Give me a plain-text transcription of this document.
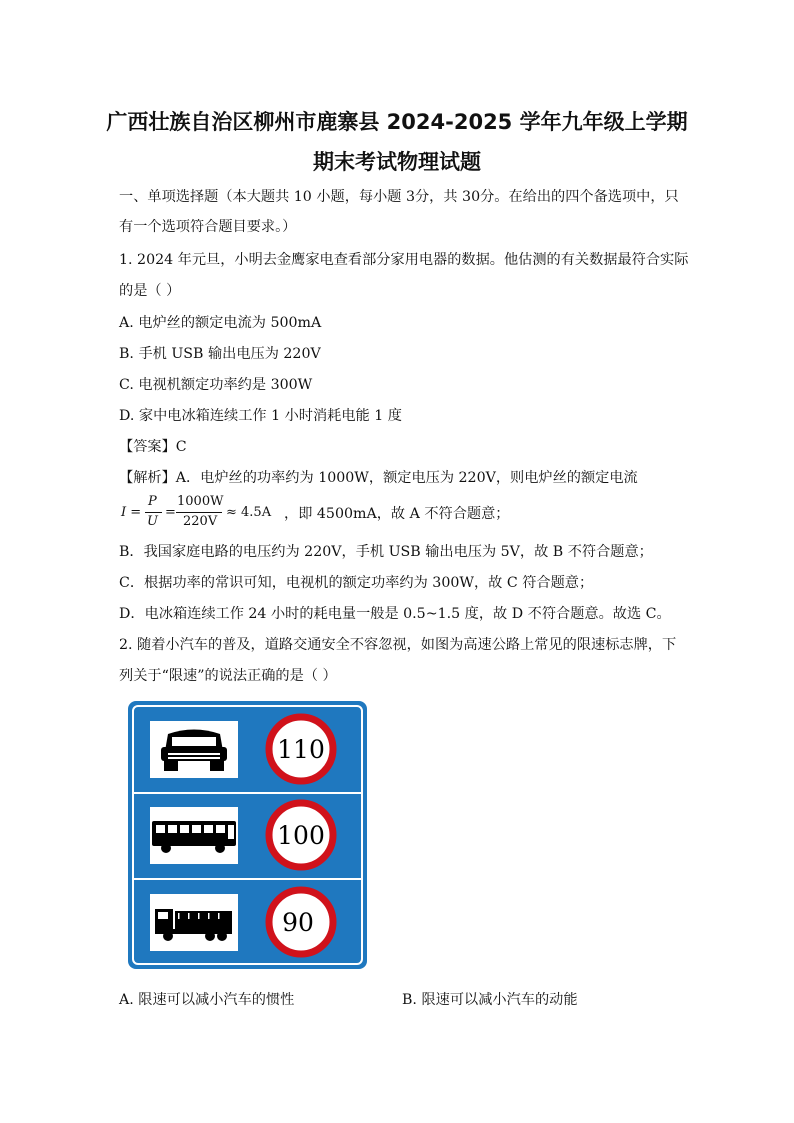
广西壮族自治区柳州市鹿寨县 2024-2025 学年九年级上学期
期末考试物理试题
一、单项选择题（本大题共 10 小题，每小题 3分，共 30分。在给出的四个备选项中，只
有一个选项符合题目要求。）
1. 2024 年元旦，小明去金鹰家电查看部分家用电器的数据。他估测的有关数据最符合实际
的是（ ）
A. 电炉丝的额定电流为 500mA
B. 手机 USB 输出电压为 220V
C. 电视机额定功率约是 300W
D. 家中电冰箱连续工作 1 小时消耗电能 1 度
【答案】C
【解析】A．电炉丝的功率约为 1000W，额定电压为 220V，则电炉丝的额定电流
I =
P
U
=
1000W
220V
≈ 4.5A ，即 4500mA，故 A 不符合题意；
B．我国家庭电路的电压约为 220V，手机 USB 输出电压为 5V，故 B 不符合题意；
C．根据功率的常识可知，电视机的额定功率约为 300W，故 C 符合题意；
D．电冰箱连续工作 24 小时的耗电量一般是 0.5~1.5 度，故 D 不符合题意。故选 C。
2. 随着小汽车的普及，道路交通安全不容忽视，如图为高速公路上常见的限速标志牌，下
列关于“限速”的说法正确的是（ ）
110
100
90
A. 限速可以减小汽车的惯性	B. 限速可以减小汽车的动能
